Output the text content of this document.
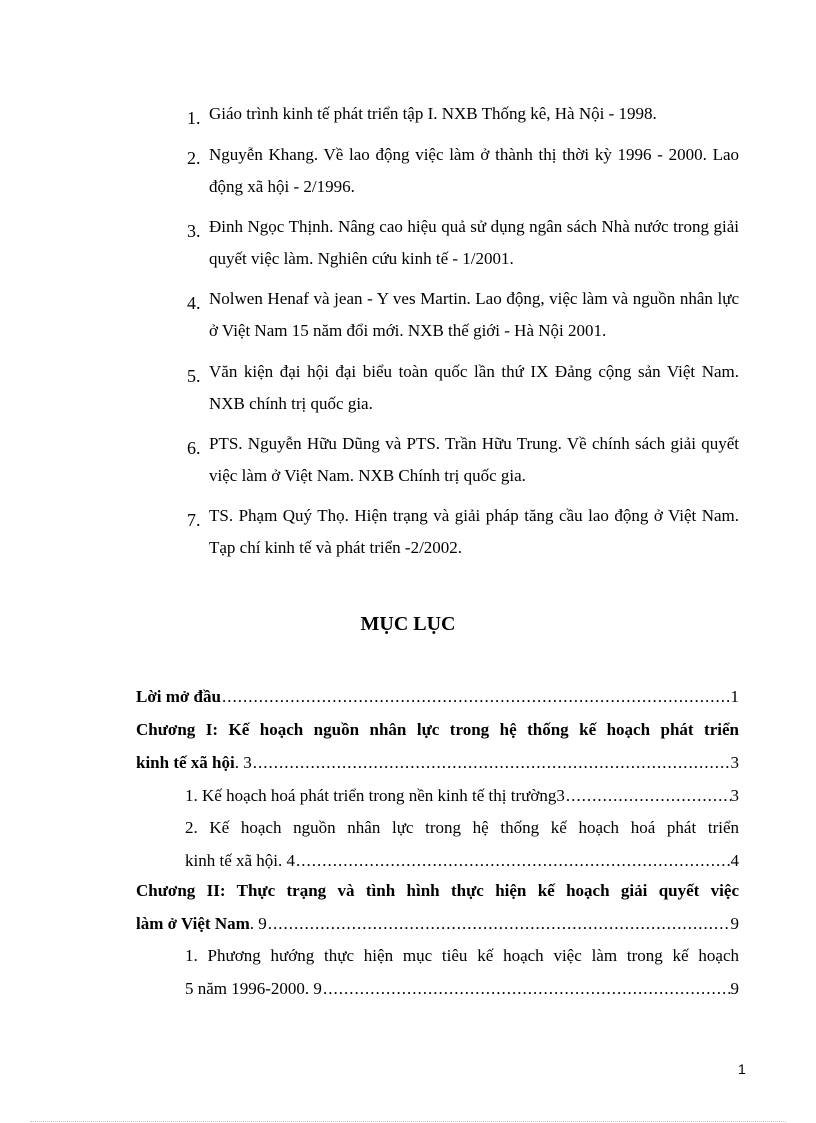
1. Giáo trình kinh tế phát triển tập I. NXB Thống kê, Hà Nội - 1998.
2. Nguyễn Khang. Về lao động việc làm ở thành thị thời kỳ 1996 - 2000. Lao động xã hội - 2/1996.
3. Đinh Ngọc Thịnh. Nâng cao hiệu quả sử dụng ngân sách Nhà nước trong giải quyết việc làm. Nghiên cứu kinh tế - 1/2001.
4. Nolwen Henaf và jean - Y ves Martin. Lao động, việc làm và nguồn nhân lực ở Việt Nam 15 năm đổi mới. NXB thế giới - Hà Nội 2001.
5. Văn kiện đại hội đại biểu toàn quốc lần thứ IX Đảng cộng sản Việt Nam. NXB chính trị quốc gia.
6. PTS. Nguyễn Hữu Dũng và PTS. Trần Hữu Trung. Về chính sách giải quyết việc làm ở Việt Nam. NXB Chính trị quốc gia.
7. TS. Phạm Quý Thọ. Hiện trạng và giải pháp tăng cầu lao động ở Việt Nam. Tạp chí kinh tế và phát triển -2/2002.
MỤC LỤC
Lời mở đầu .....	1
Chương I: Kế hoạch nguồn nhân lực trong hệ thống kế hoạch phát triển
kinh tế xã hội. 3 .....	3
1. Kế hoạch hoá phát triển trong nền kinh tế thị trường3 .....	3
2. Kế hoạch nguồn nhân lực trong hệ thống kế hoạch hoá phát triển
kinh tế xã hội. 4 .....	4
Chương II: Thực trạng và tình hình thực hiện kế hoạch giải quyết việc
làm ở Việt Nam. 9 .....	9
1. Phương hướng thực hiện mục tiêu kế hoạch việc làm trong kế hoạch
5 năm 1996-2000. 9 .....	9
1
